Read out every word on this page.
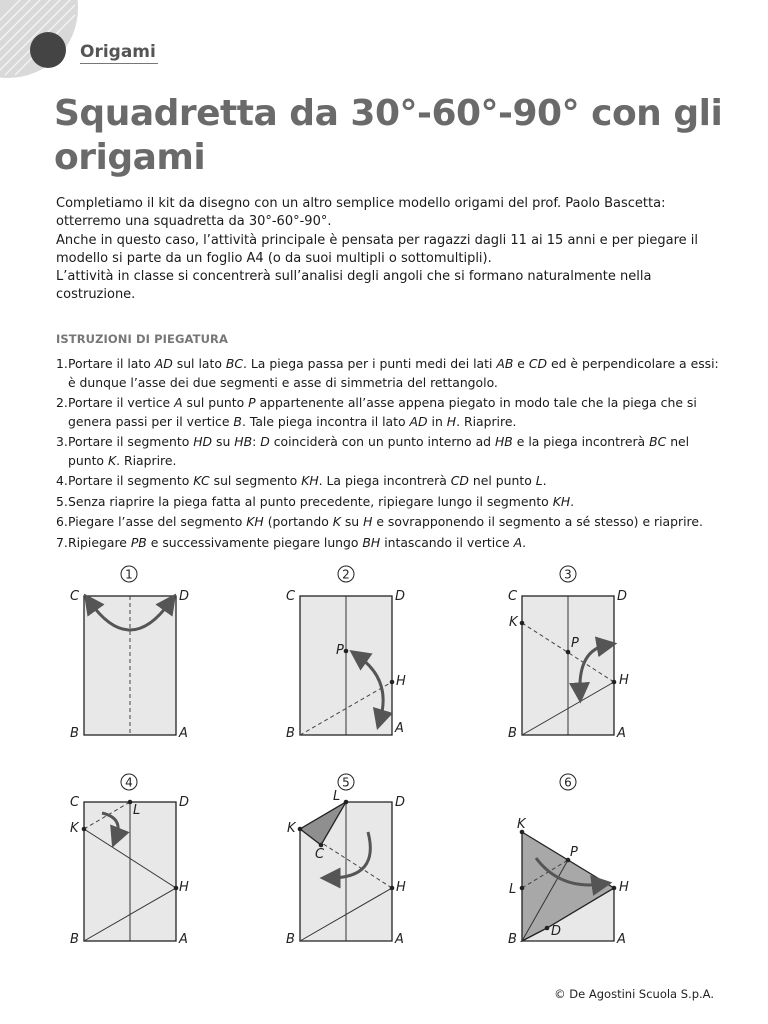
Origami
Squadretta da 30°-60°-90° con gli origami

Completiamo il kit da disegno con un altro semplice modello origami del prof. Paolo Bascetta: otterremo una squadretta da 30°-60°-90°.

Anche in questo caso, l’attività principale è pensata per ragazzi dagli 11 ai 15 anni e per piegare il modello si parte da un foglio A4 (o da suoi multipli o sottomultipli).

L’attività in classe si concentrerà sull’analisi degli angoli che si formano naturalmente nella costruzione.

ISTRUZIONI DI PIEGATURA
1. Portare il lato AD sul lato BC. La piega passa per i punti medi dei lati AB e CD ed è perpendicolare a essi: è dunque l’asse dei due segmenti e asse di simmetria del rettangolo.
2. Portare il vertice A sul punto P appartenente all’asse appena piegato in modo tale che la piega che si genera passi per il vertice B. Tale piega incontra il lato AD in H. Riaprire.
3. Portare il segmento HD su HB: D coinciderà con un punto interno ad HB e la piega incontrerà BC nel punto K. Riaprire.
4. Portare il segmento KC sul segmento KH. La piega incontrerà CD nel punto L.
5. Senza riaprire la piega fatta al punto precedente, ripiegare lungo il segmento KH.
6. Piegare l’asse del segmento KH (portando K su H e sovrapponendo il segmento a sé stesso) e riaprire.
7. Ripiegare PB e successivamente piegare lungo BH intascando il vertice A.
1
C	D
B	A
2
P
H
C	D
B	A
3
K
P
H
C	D
B	A
4
K
L
H
C	D
B	A
5
K
L
C
H
D
B	A
6
K
P
H
L
D
B	A
© De Agostini Scuola S.p.A.
